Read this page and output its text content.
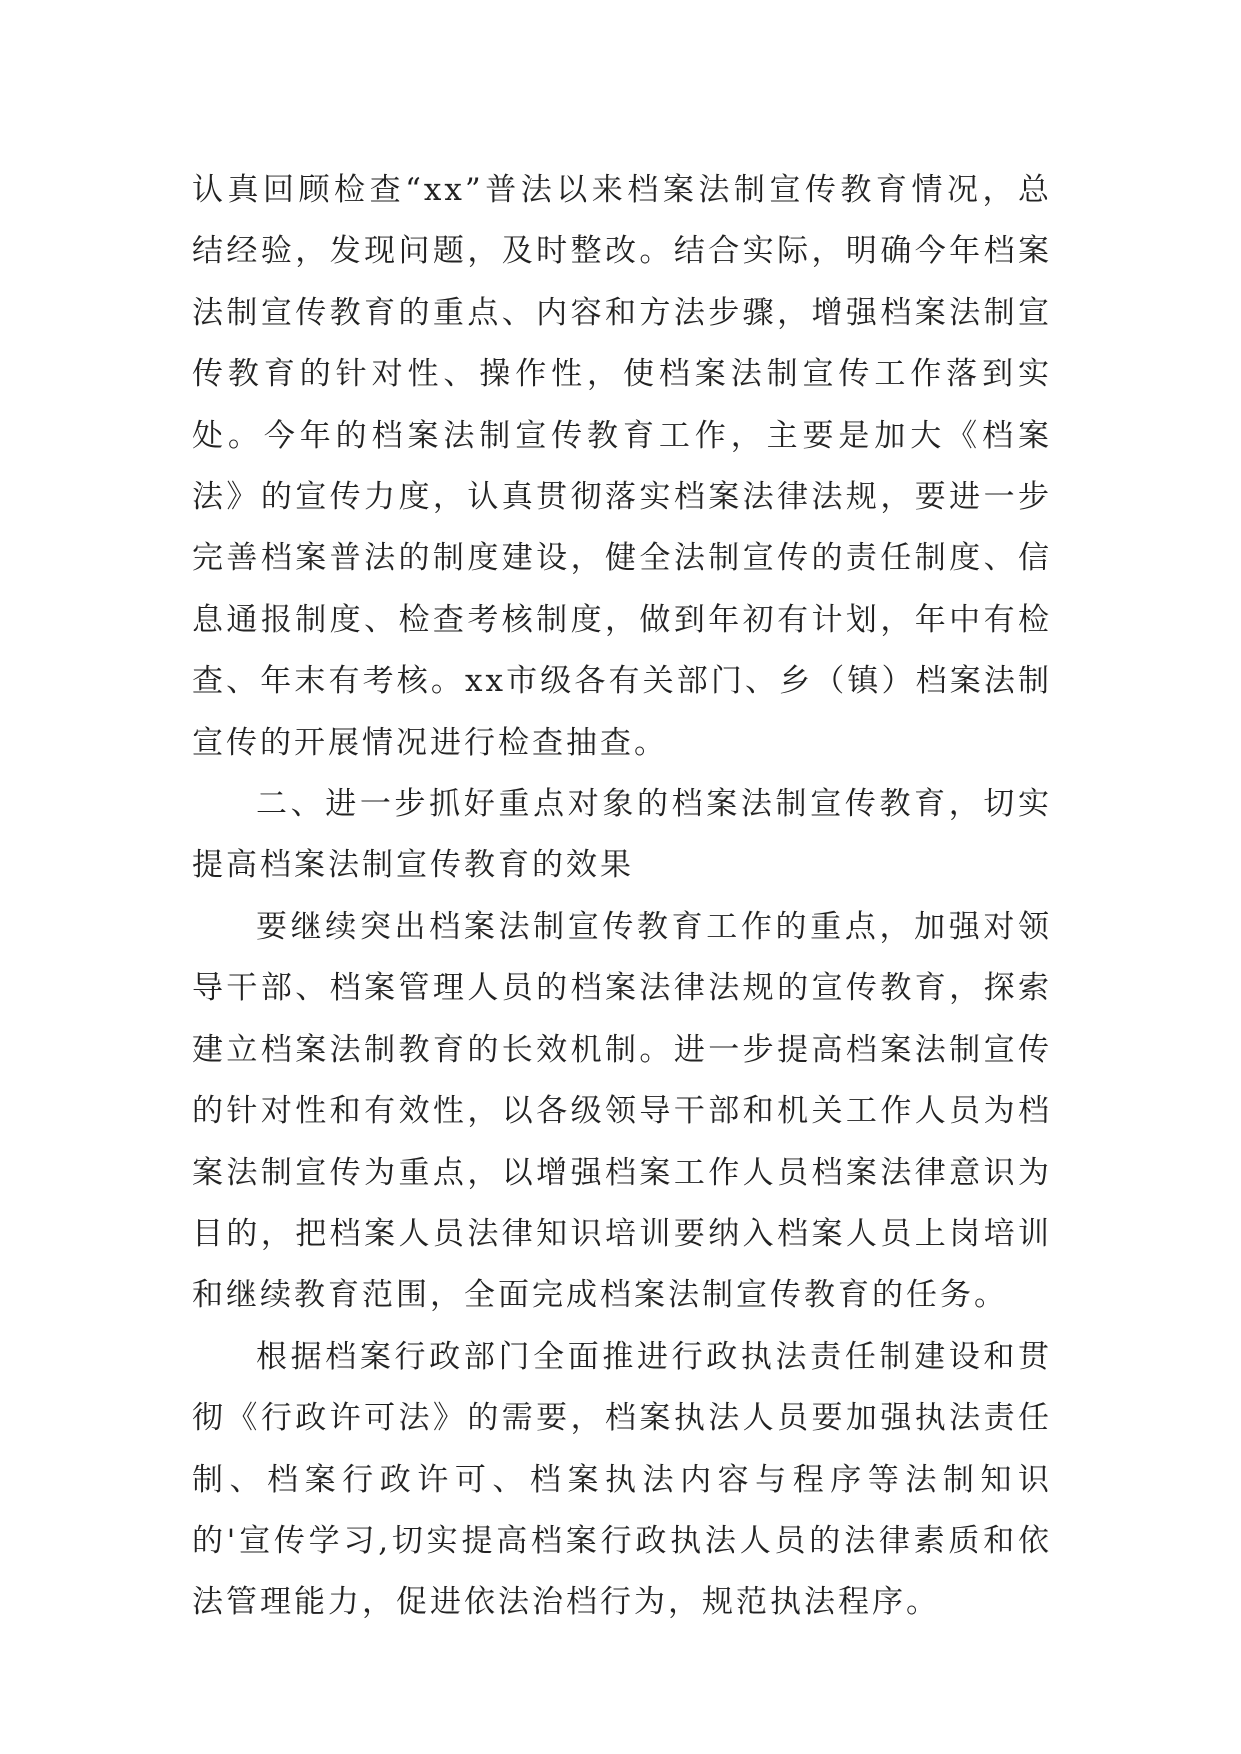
认真回顾检查“xx”普法以来档案法制宣传教育情况，总结经验，发现问题，及时整改。结合实际，明确今年档案法制宣传教育的重点、内容和方法步骤，增强档案法制宣传教育的针对性、操作性，使档案法制宣传工作落到实处。今年的档案法制宣传教育工作，主要是加大《档案法》的宣传力度，认真贯彻落实档案法律法规，要进一步完善档案普法的制度建设，健全法制宣传的责任制度、信息通报制度、检查考核制度，做到年初有计划，年中有检查、年末有考核。xx市级各有关部门、乡（镇）档案法制宣传的开展情况进行检查抽查。

二、进一步抓好重点对象的档案法制宣传教育，切实提高档案法制宣传教育的效果

要继续突出档案法制宣传教育工作的重点，加强对领导干部、档案管理人员的档案法律法规的宣传教育，探索建立档案法制教育的长效机制。进一步提高档案法制宣传的针对性和有效性，以各级领导干部和机关工作人员为档案法制宣传为重点，以增强档案工作人员档案法律意识为目的，把档案人员法律知识培训要纳入档案人员上岗培训和继续教育范围，全面完成档案法制宣传教育的任务。

根据档案行政部门全面推进行政执法责任制建设和贯彻《行政许可法》的需要，档案执法人员要加强执法责任制、档案行政许可、档案执法内容与程序等法制知识的'宣传学习,切实提高档案行政执法人员的法律素质和依法管理能力，促进依法治档行为，规范执法程序。
